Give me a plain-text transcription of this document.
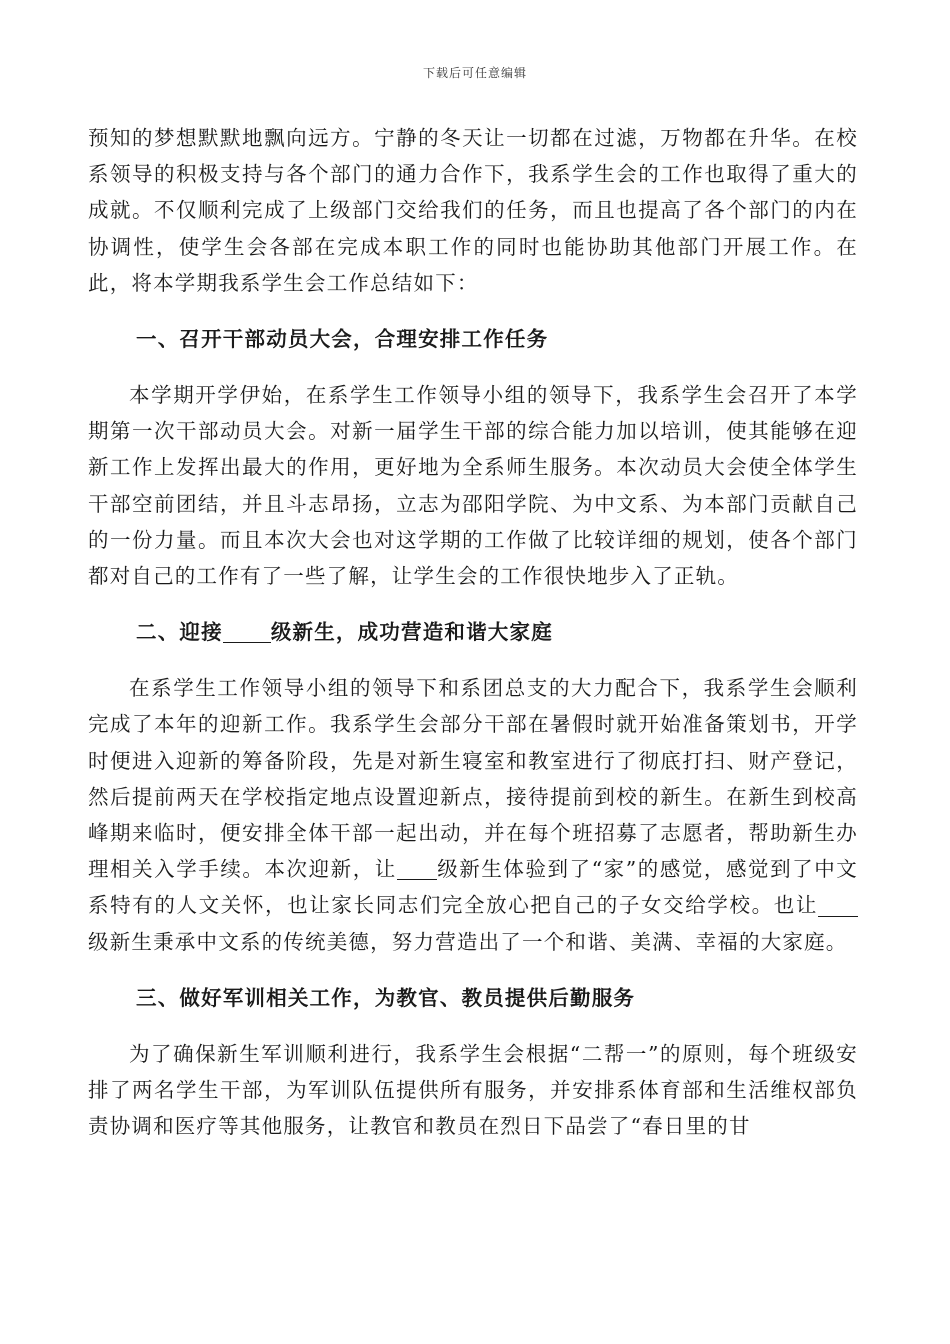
下载后可任意编辑

预知的梦想默默地飘向远方。宁静的冬天让一切都在过滤，万物都在升华。在校系领导的积极支持与各个部门的通力合作下，我系学生会的工作也取得了重大的成就。不仅顺利完成了上级部门交给我们的任务，而且也提高了各个部门的内在协调性，使学生会各部在完成本职工作的同时也能协助其他部门开展工作。在此，将本学期我系学生会工作总结如下：

一、召开干部动员大会，合理安排工作任务

本学期开学伊始，在系学生工作领导小组的领导下，我系学生会召开了本学期第一次干部动员大会。对新一届学生干部的综合能力加以培训，使其能够在迎新工作上发挥出最大的作用，更好地为全系师生服务。本次动员大会使全体学生干部空前团结，并且斗志昂扬，立志为邵阳学院、为中文系、为本部门贡献自己的一份力量。而且本次大会也对这学期的工作做了比较详细的规划，使各个部门都对自己的工作有了一些了解，让学生会的工作很快地步入了正轨。

二、迎接 级新生，成功营造和谐大家庭

在系学生工作领导小组的领导下和系团总支的大力配合下，我系学生会顺利完成了本年的迎新工作。我系学生会部分干部在暑假时就开始准备策划书，开学时便进入迎新的筹备阶段，先是对新生寝室和教室进行了彻底打扫、财产登记，然后提前两天在学校指定地点设置迎新点，接待提前到校的新生。在新生到校高峰期来临时，便安排全体干部一起出动，并在每个班招募了志愿者，帮助新生办理相关入学手续。本次迎新，让 级新生体验到了“家”的感觉，感觉到了中文系特有的人文关怀，也让家长同志们完全放心把自己的子女交给学校。也让级新生秉承中文系的传统美德，努力营造出了一个和谐、美满、幸福的大家庭。

三、做好军训相关工作，为教官、教员提供后勤服务

为了确保新生军训顺利进行，我系学生会根据“二帮一”的原则，每个班级安排了两名学生干部，为军训队伍提供所有服务，并安排系体育部和生活维权部负责协调和医疗等其他服务，让教官和教员在烈日下品尝了“春日里的甘
